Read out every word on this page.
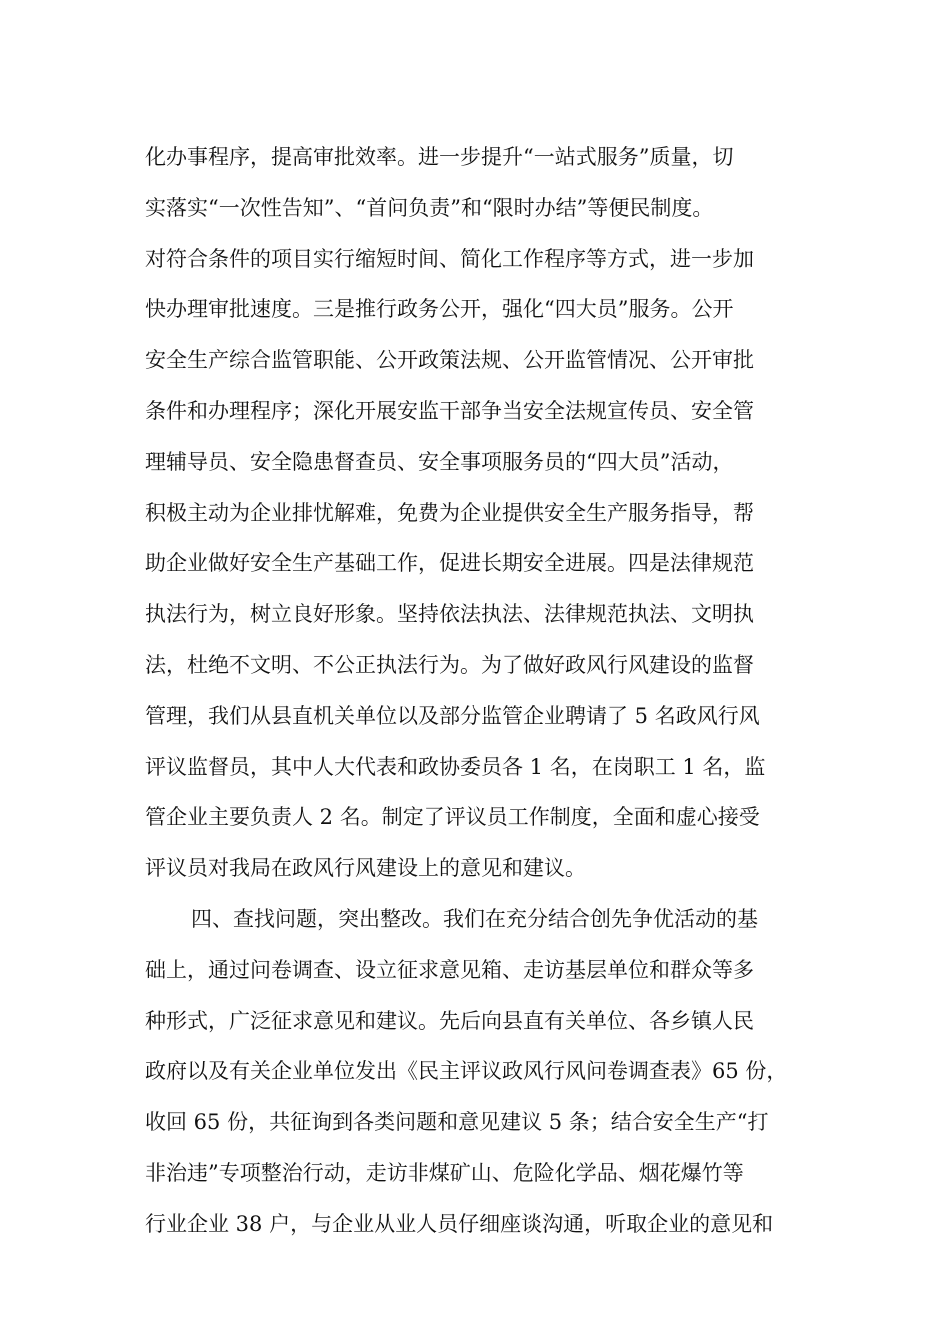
化办事程序，提高审批效率。进一步提升“一站式服务”质量，切
实落实“一次性告知”、“首问负责”和“限时办结”等便民制度。
对符合条件的项目实行缩短时间、简化工作程序等方式，进一步加
快办理审批速度。三是推行政务公开，强化“四大员”服务。公开
安全生产综合监管职能、公开政策法规、公开监管情况、公开审批
条件和办理程序；深化开展安监干部争当安全法规宣传员、安全管
理辅导员、安全隐患督查员、安全事项服务员的“四大员”活动，
积极主动为企业排忧解难，免费为企业提供安全生产服务指导，帮
助企业做好安全生产基础工作，促进长期安全进展。四是法律规范
执法行为，树立良好形象。坚持依法执法、法律规范执法、文明执
法，杜绝不文明、不公正执法行为。为了做好政风行风建设的监督
管理，我们从县直机关单位以及部分监管企业聘请了 5 名政风行风
评议监督员，其中人大代表和政协委员各 1 名，在岗职工 1 名，监
管企业主要负责人 2 名。制定了评议员工作制度，全面和虚心接受
评议员对我局在政风行风建设上的意见和建议。
四、查找问题，突出整改。我们在充分结合创先争优活动的基
础上，通过问卷调查、设立征求意见箱、走访基层单位和群众等多
种形式，广泛征求意见和建议。先后向县直有关单位、各乡镇人民
政府以及有关企业单位发出《民主评议政风行风问卷调查表》65 份，
收回 65 份，共征询到各类问题和意见建议 5 条；结合安全生产“打
非治违”专项整治行动，走访非煤矿山、危险化学品、烟花爆竹等
行业企业 38 户，与企业从业人员仔细座谈沟通，听取企业的意见和
